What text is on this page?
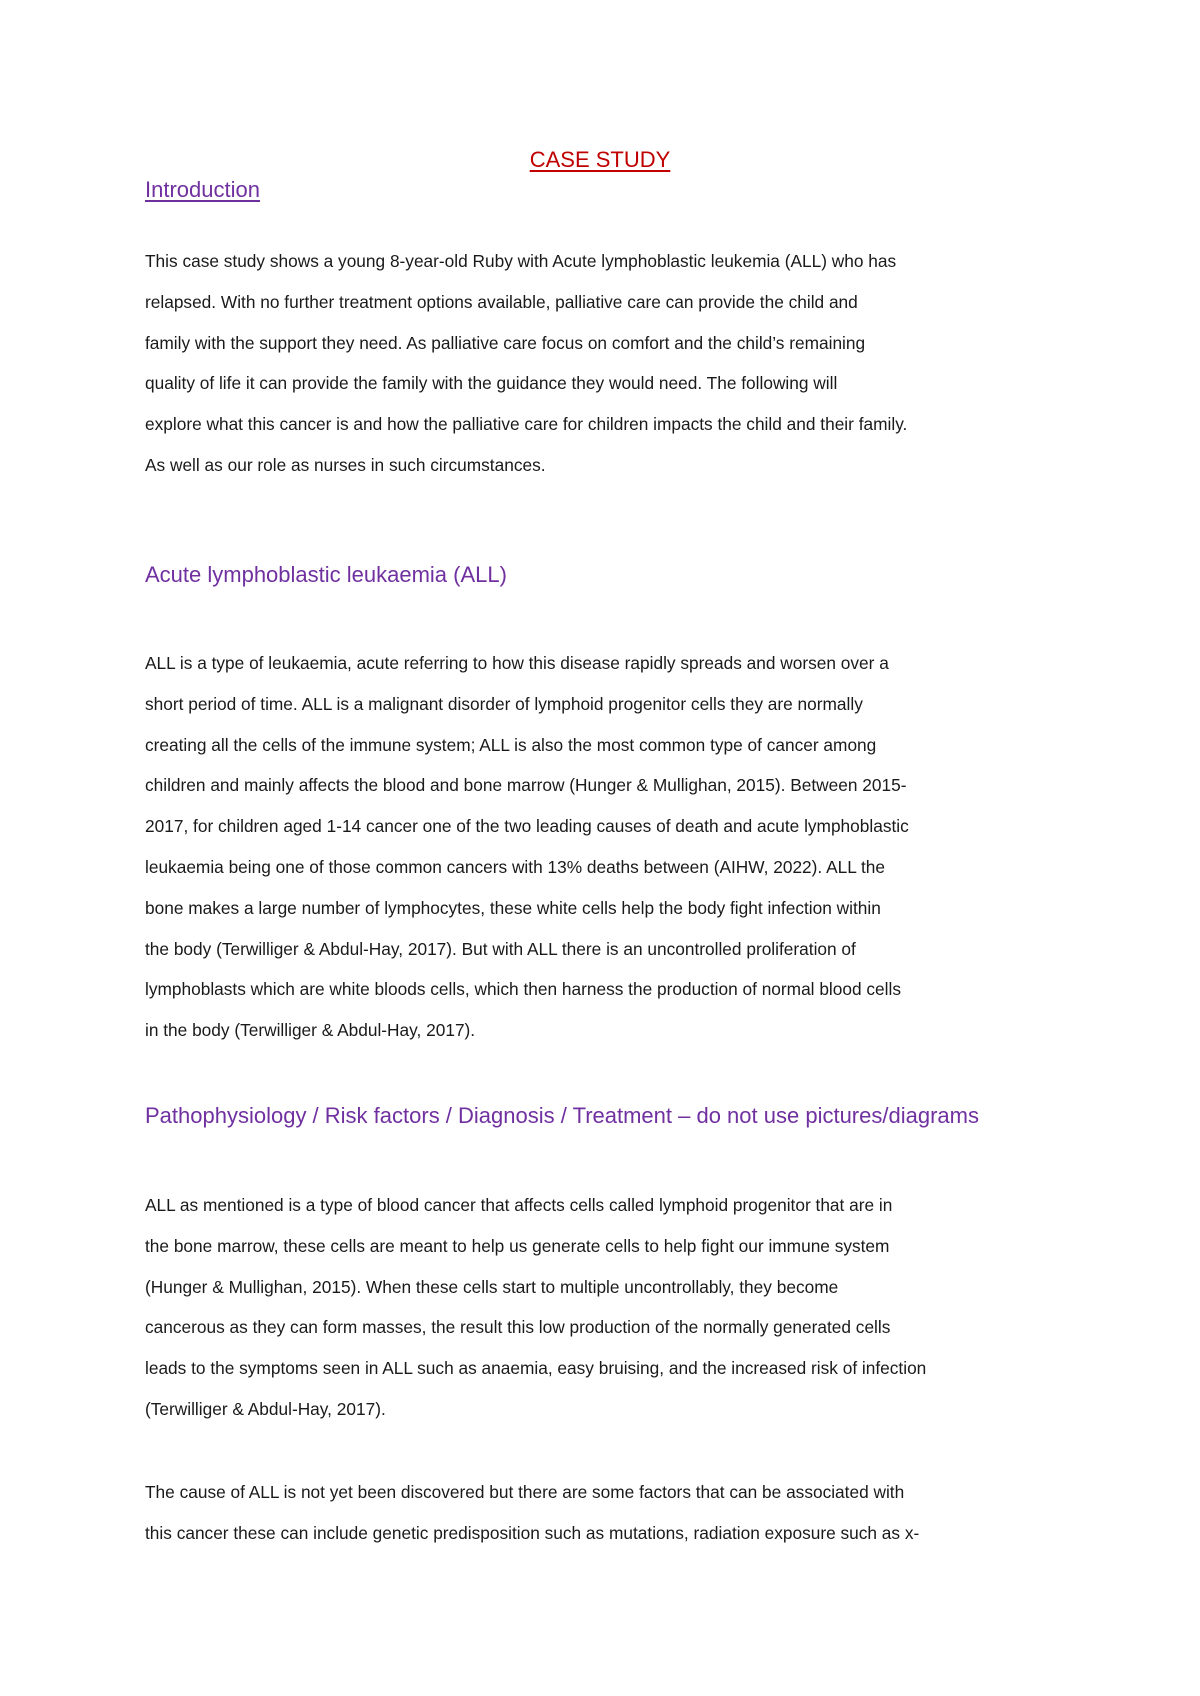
CASE STUDY
Introduction
This case study shows a young 8-year-old Ruby with Acute lymphoblastic leukemia (ALL) who has
relapsed. With no further treatment options available, palliative care can provide the child and
family with the support they need. As palliative care focus on comfort and the child’s remaining
quality of life it can provide the family with the guidance they would need. The following will
explore what this cancer is and how the palliative care for children impacts the child and their family.
As well as our role as nurses in such circumstances.
Acute lymphoblastic leukaemia (ALL)
ALL is a type of leukaemia, acute referring to how this disease rapidly spreads and worsen over a
short period of time. ALL is a malignant disorder of lymphoid progenitor cells they are normally
creating all the cells of the immune system; ALL is also the most common type of cancer among
children and mainly affects the blood and bone marrow (Hunger & Mullighan, 2015). Between 2015-
2017, for children aged 1-14 cancer one of the two leading causes of death and acute lymphoblastic
leukaemia being one of those common cancers with 13% deaths between (AIHW, 2022). ALL the
bone makes a large number of lymphocytes, these white cells help the body fight infection within
the body (Terwilliger & Abdul-Hay, 2017). But with ALL there is an uncontrolled proliferation of
lymphoblasts which are white bloods cells, which then harness the production of normal blood cells
in the body (Terwilliger & Abdul-Hay, 2017).
Pathophysiology / Risk factors / Diagnosis / Treatment – do not use pictures/diagrams
ALL as mentioned is a type of blood cancer that affects cells called lymphoid progenitor that are in
the bone marrow, these cells are meant to help us generate cells to help fight our immune system
(Hunger & Mullighan, 2015). When these cells start to multiple uncontrollably, they become
cancerous as they can form masses, the result this low production of the normally generated cells
leads to the symptoms seen in ALL such as anaemia, easy bruising, and the increased risk of infection
(Terwilliger & Abdul-Hay, 2017).
The cause of ALL is not yet been discovered but there are some factors that can be associated with
this cancer these can include genetic predisposition such as mutations, radiation exposure such as x-
